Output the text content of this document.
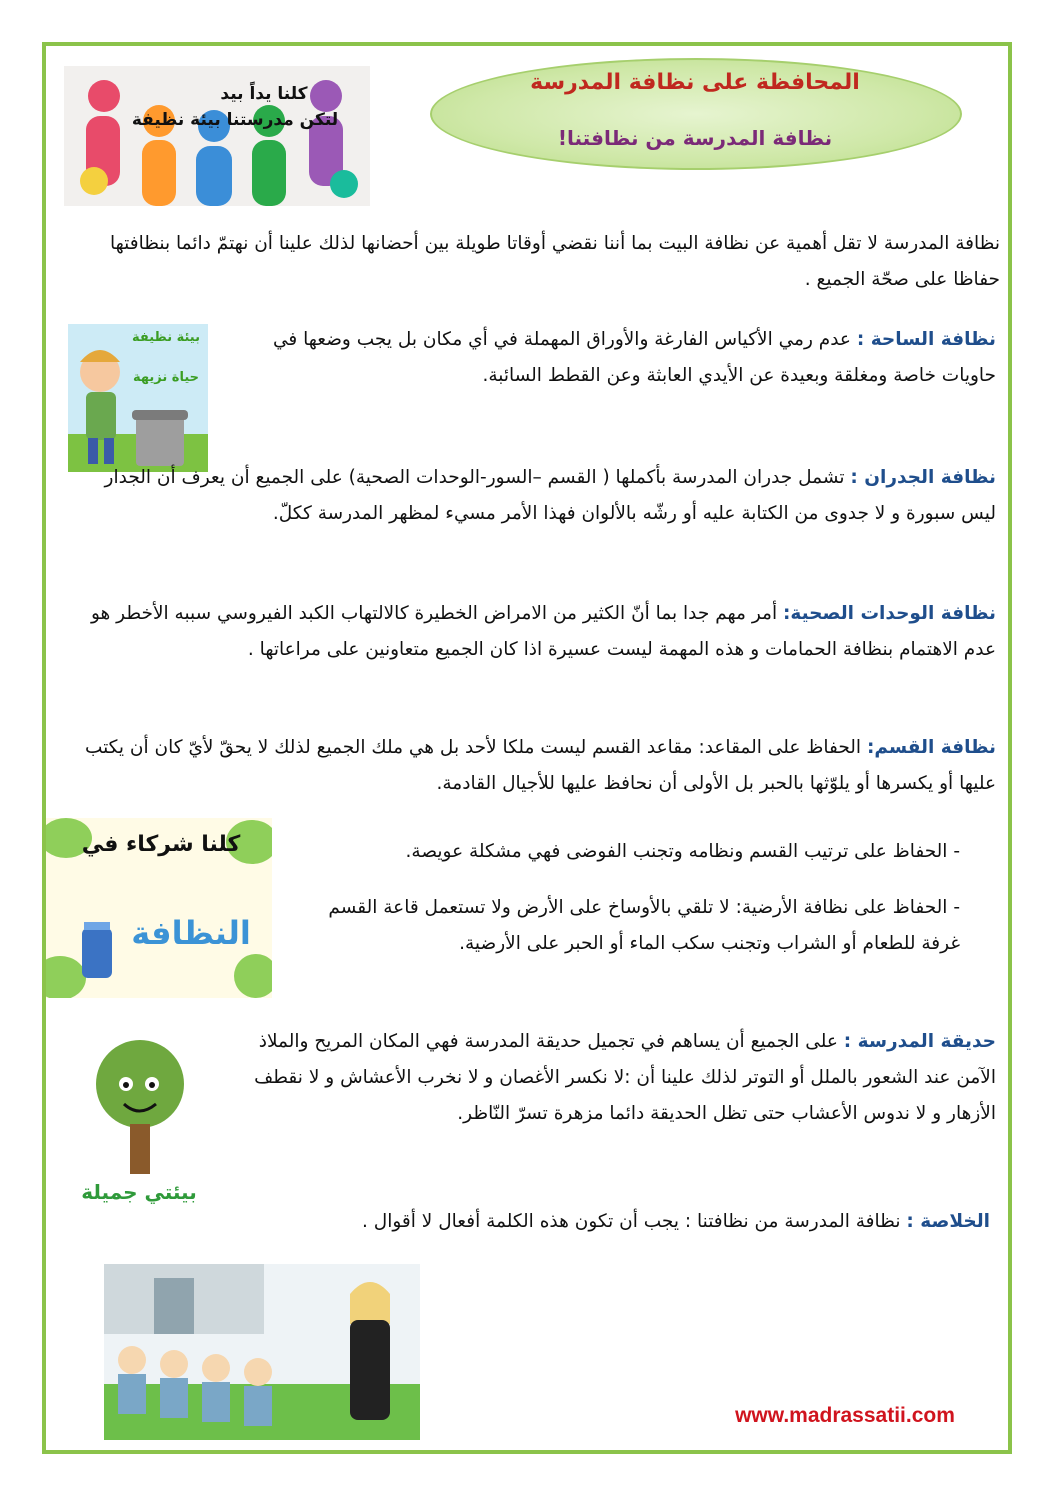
المحافظة على نظافة المدرسة
نظافة المدرسة من نظافتنا!
كلنا يداً بيد
لتكن مدرستنا بيئة نظيفة

نظافة المدرسة لا تقل أهمية عن نظافة البيت بما أننا نقضي أوقاتا طويلة بين أحضانها لذلك علينا أن نهتمّ دائما بنظافتها حفاظا على صحّة الجميع .

بيئة نظيفة
حياة نزيهة

نظافة الساحة : عدم رمي الأكياس الفارغة والأوراق المهملة في أي مكان بل يجب وضعها في حاويات خاصة ومغلقة وبعيدة عن الأيدي العابثة وعن القطط السائبة.

نظافة الجدران : تشمل جدران المدرسة بأكملها ( القسم –السور-الوحدات الصحية) على الجميع أن يعرف أن الجدار ليس سبورة و لا جدوى من الكتابة عليه أو رشّه بالألوان فهذا الأمر مسيء لمظهر المدرسة ككلّ.

نظافة الوحدات الصحية: أمر مهم جدا بما أنّ الكثير من الامراض الخطيرة كالالتهاب الكبد الفيروسي سببه الأخطر هو عدم الاهتمام بنظافة الحمامات و هذه المهمة ليست عسيرة اذا كان الجميع متعاونين على مراعاتها .

نظافة القسم: الحفاظ على المقاعد: مقاعد القسم ليست ملكا لأحد بل هي ملك الجميع لذلك لا يحقّ لأيّ كان أن يكتب عليها أو يكسرها أو يلوّثها بالحبر بل الأولى أن نحافظ عليها للأجيال القادمة.

كلنا شركاء في
النظافة

- الحفاظ على ترتيب القسم ونظامه وتجنب الفوضى فهي مشكلة عويصة.

- الحفاظ على نظافة الأرضية: لا تلقي بالأوساخ على الأرض ولا تستعمل قاعة القسم غرفة للطعام أو الشراب وتجنب سكب الماء أو الحبر على الأرضية.

بيئتي جميلة

حديقة المدرسة : على الجميع أن يساهم في تجميل حديقة المدرسة فهي المكان المريح والملاذ الآمن عند الشعور بالملل أو التوتر لذلك علينا أن :لا نكسر الأغصان و لا نخرب الأعشاش و لا نقطف الأزهار و لا ندوس الأعشاب حتى تظل الحديقة دائما مزهرة تسرّ النّاظر.

الخلاصة : نظافة المدرسة من نظافتنا : يجب أن تكون هذه الكلمة أفعال لا أقوال .

www.madrassatii.com
